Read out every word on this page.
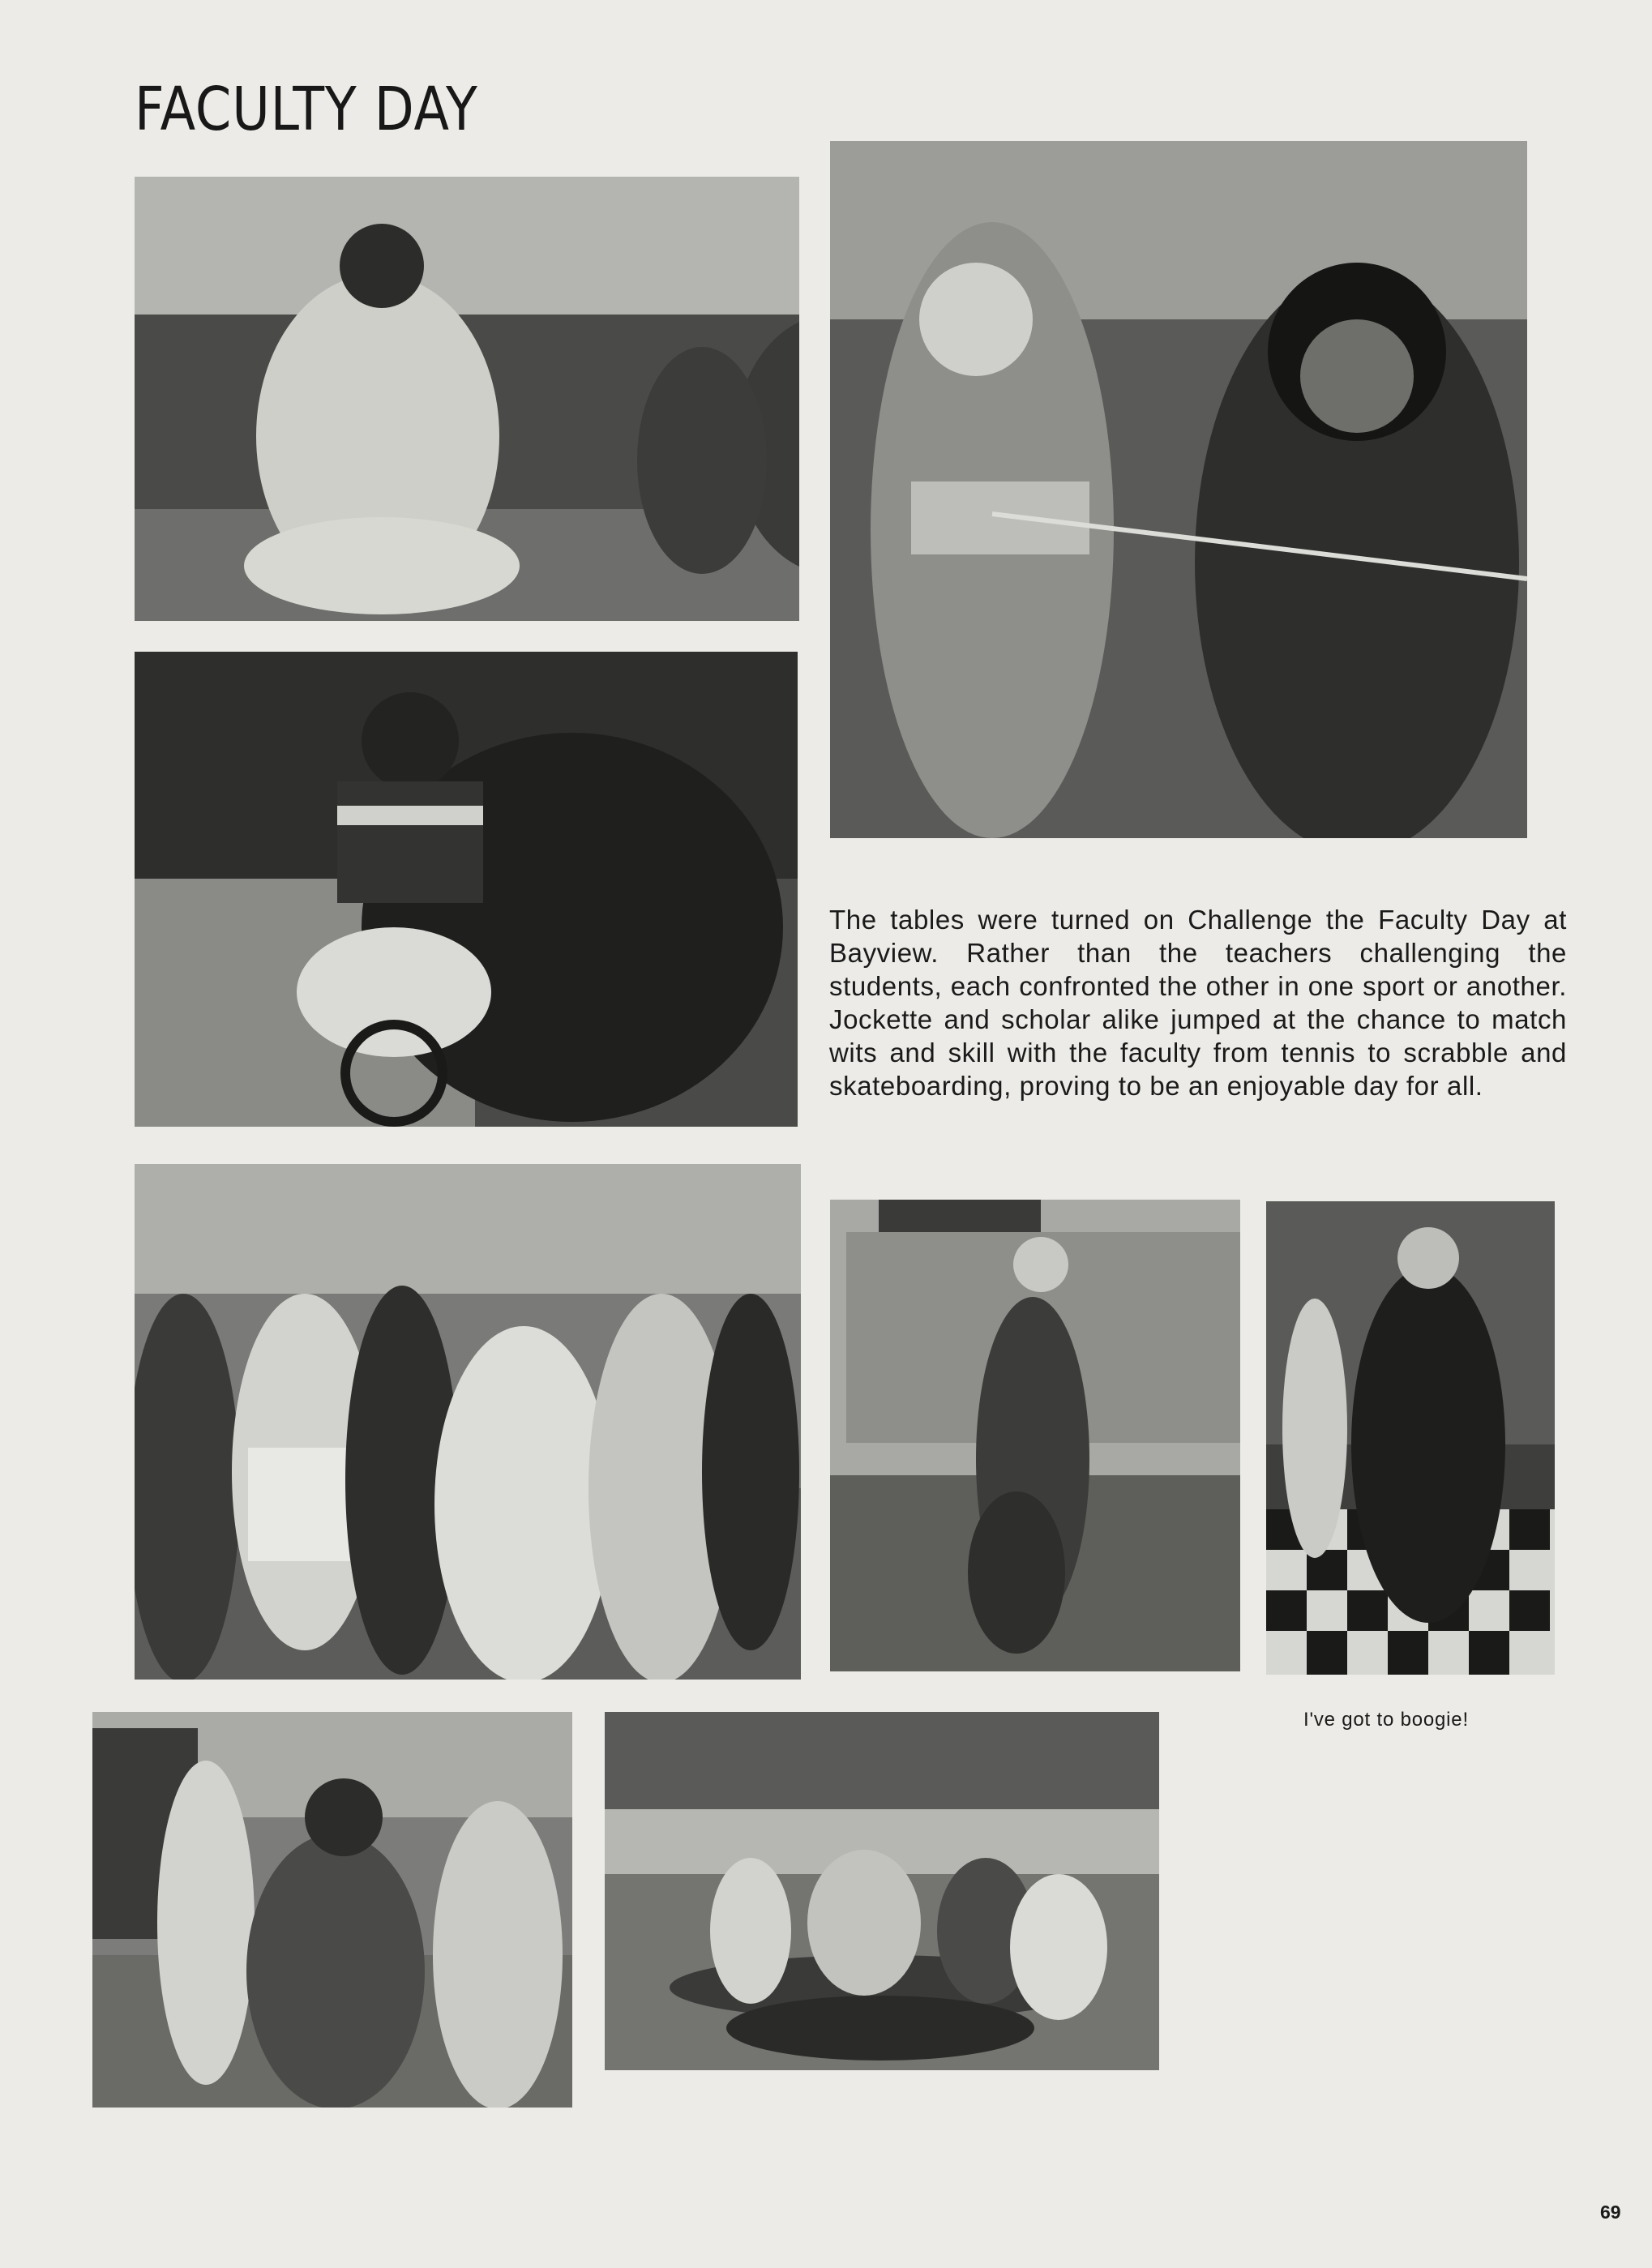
FACULTY DAY
The tables were turned on Challenge the Faculty Day at Bayview. Rather than the teachers challenging the students, each confronted the other in one sport or another. Jockette and scholar alike jumped at the chance to match wits and skill with the faculty from tennis to scrabble and skateboarding, proving to be an enjoyable day for all.
I've got to boogie!
69
